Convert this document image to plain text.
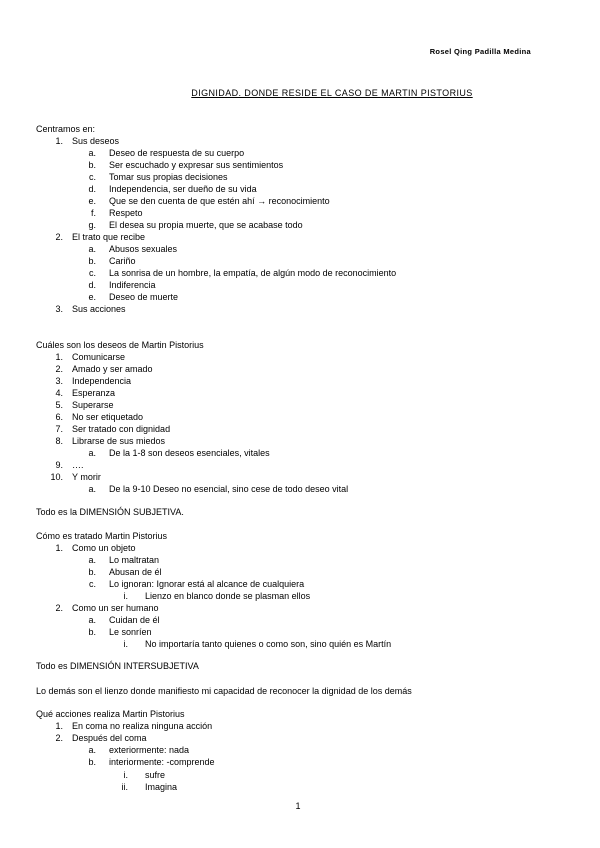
Rosel Qing Padilla Medina
DIGNIDAD. DONDE RESIDE EL CASO DE MARTIN PISTORIUS
Centramos en:
1. Sus deseos
a. Deseo de respuesta de su cuerpo
b. Ser escuchado y expresar sus sentimientos
c. Tomar sus propias decisiones
d. Independencia, ser dueño de su vida
e. Que se den cuenta de que estén ahí → reconocimiento
f. Respeto
g. El desea su propia muerte, que se acabase todo
2. El trato que recibe
a. Abusos sexuales
b. Cariño
c. La sonrisa de un hombre, la empatía, de algún modo de reconocimiento
d. Indiferencia
e. Deseo de muerte
3. Sus acciones
Cuáles son los deseos de Martin Pistorius
1. Comunicarse
2. Amado y ser amado
3. Independencia
4. Esperanza
5. Superarse
6. No ser etiquetado
7. Ser tratado con dignidad
8. Librarse de sus miedos
a. De la 1-8 son deseos esenciales, vitales
9. ….
10. Y morir
a. De la 9-10 Deseo no esencial, sino cese de todo deseo vital
Todo es la DIMENSIÓN SUBJETIVA.
Cómo es tratado Martin Pistorius
1. Como un objeto
a. Lo maltratan
b. Abusan de él
c. Lo ignoran: Ignorar está al alcance de cualquiera
i. Lienzo en blanco donde se plasman ellos
2. Como un ser humano
a. Cuidan de él
b. Le sonríen
i. No importaría tanto quienes o como son, sino quién es Martín
Todo es DIMENSIÓN INTERSUBJETIVA
Lo demás son el lienzo donde manifiesto mi capacidad de reconocer la dignidad de los demás
Qué acciones realiza Martin Pistorius
1. En coma no realiza ninguna acción
2. Después del coma
a. exteriormente: nada
b. interiormente: -comprende
i. sufre
ii. Imagina
1
